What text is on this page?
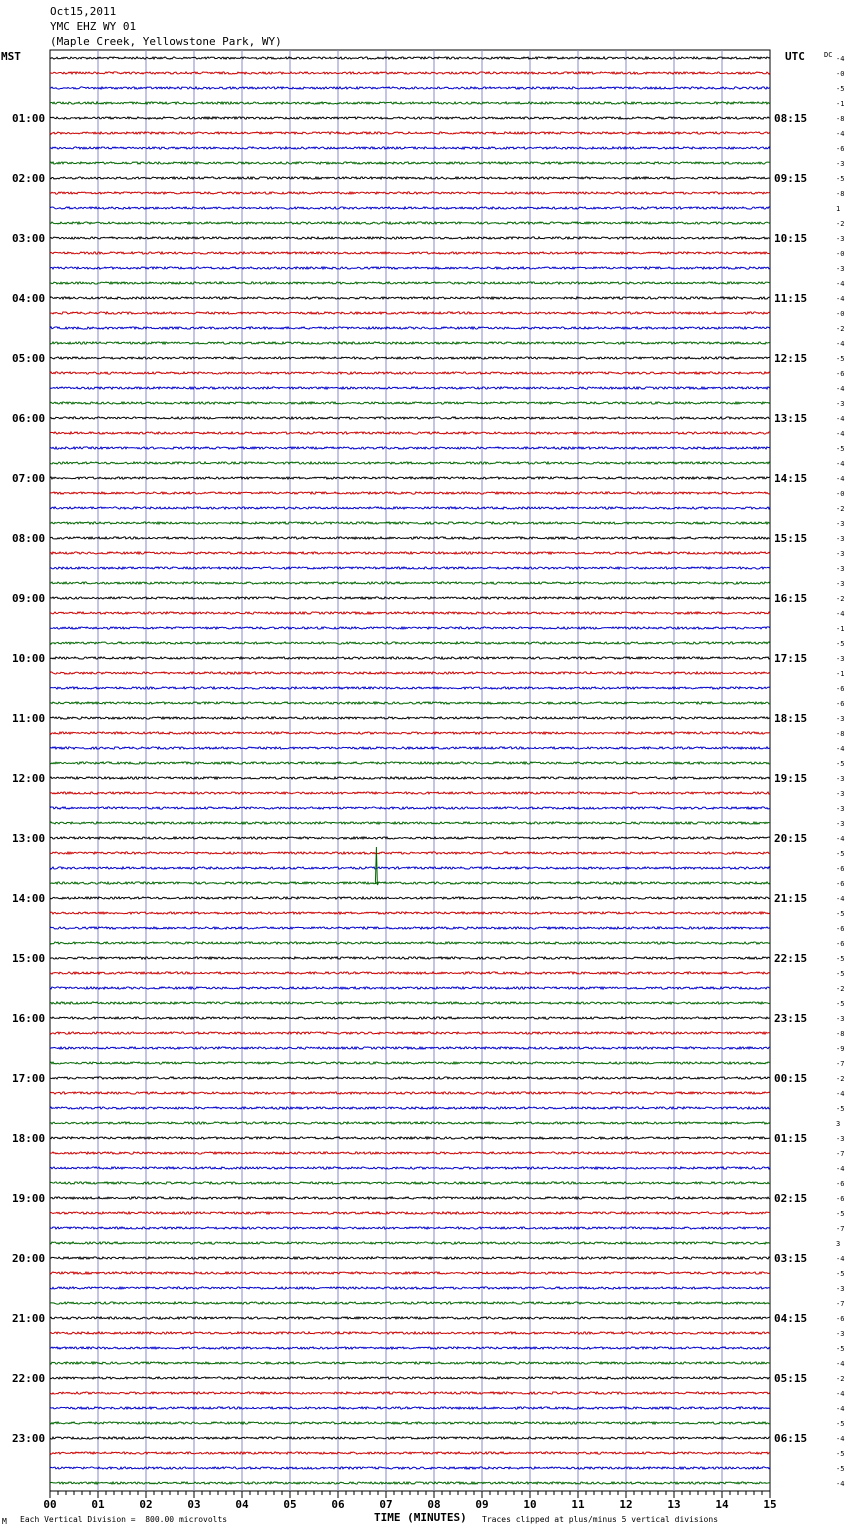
Oct15,2011
YMC EHZ WY 01
(Maple Creek, Yellowstone Park, WY)
MST	UTC	-4
-0
-5
-1
-8
-4
-6
-3
-5
-8
1
-2
-3
-0
-3
-4
-4
-0
-2
-4
-5
-6
-4
-3
-4
-4
-5
-4
-4
-0
-2
-3
-3
-3
-3
-3
-2
-4
-1
-5
-3
-1
-6
-6
-3
-8
-4
-5
-3
-3
-3
-3
-4
-5
-6
-6
-4
-5
-6
-6
-5
-5
-2
-5
-3
-8
-9
-7
-2
-4
-5
3
-3
-7
-4
-6
-6
-5
-7
3
-4
-5
-3
-7
-6
-3
-5
-4
-2
-4
-4
-5
-4
-5
-5
-4
DC
01:00	08:15
02:00	09:15
03:00	10:15
04:00	11:15
05:00	12:15
06:00	13:15
07:00	14:15
08:00	15:15
09:00	16:15
10:00	17:15
11:00	18:15
12:00	19:15
13:00	20:15
14:00	21:15
15:00	22:15
16:00	23:15
17:00	00:15
18:00	01:15
19:00	02:15
20:00	03:15
21:00	04:15
22:00	05:15
23:00	06:15
00	01	02	03	04	05	06	07	08	09	10	11	12	13	14	15
M Each Vertical Division =  800.00 microvolts	TIME (MINUTES) Traces clipped at plus/minus 5 vertical divisions
